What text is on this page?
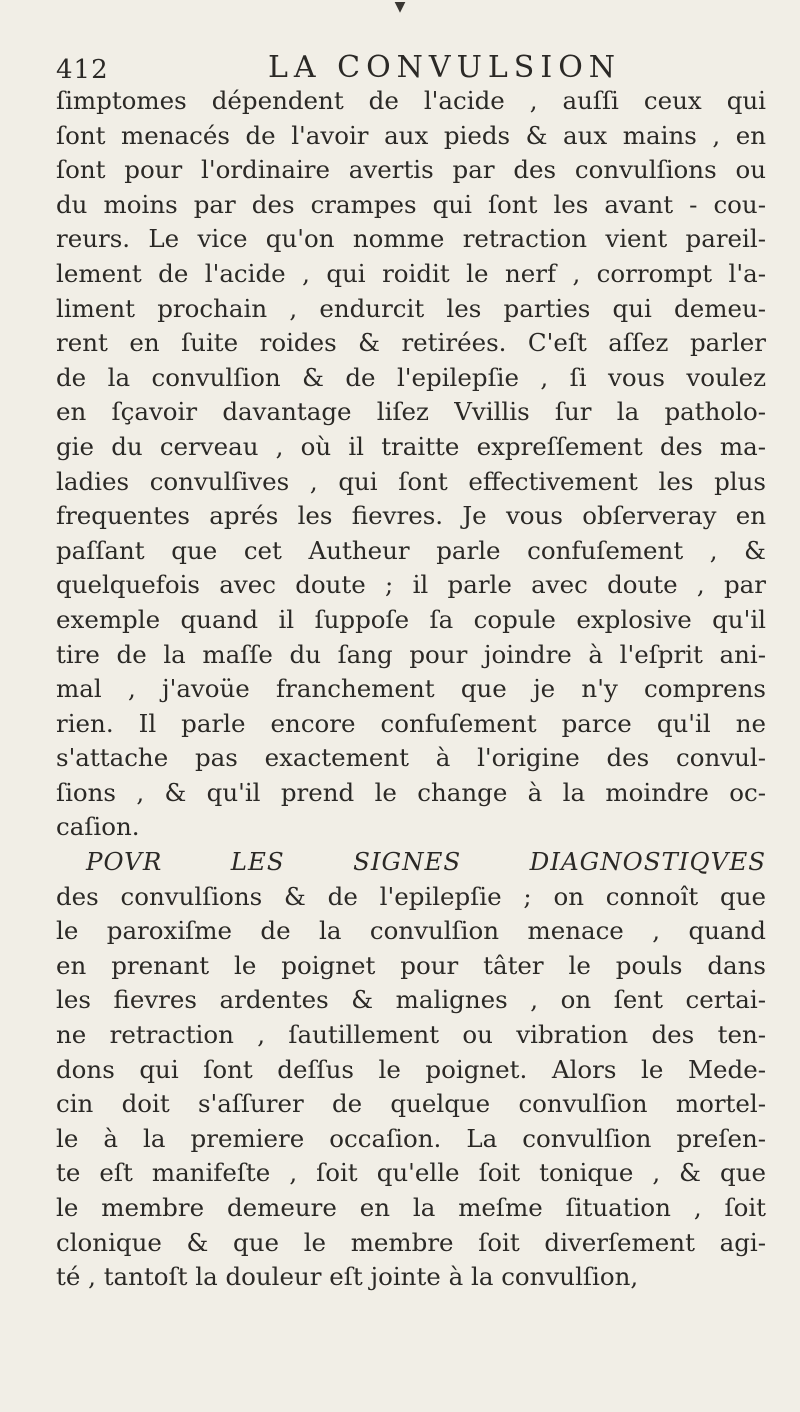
▼
412	LA CONVULSION
ſimptomes dépendent de l'acide , auſſi ceux qui
ſont menacés de l'avoir aux pieds & aux mains , en
ſont pour l'ordinaire avertis par des convulſions ou
du moins par des crampes qui ſont les avant - cou-
reurs. Le vice qu'on nomme retraction vient pareil-
lement de l'acide , qui roidit le nerf , corrompt l'a-
liment prochain , endurcit les parties qui demeu-
rent en ſuite roides & retirées. C'eſt aſſez parler
de la convulſion & de l'epilepſie , ſi vous voulez
en ſçavoir davantage liſez Vvillis ſur la patholo-
gie du cerveau , où il traitte expreſſement des ma-
ladies convulſives , qui ſont effectivement les plus
frequentes aprés les fievres. Je vous obſerveray en
paſſant que cet Autheur parle confuſement , &
quelquefois avec doute ; il parle avec doute , par
exemple quand il ſuppoſe ſa copule explosive qu'il
tire de la maſſe du ſang pour joindre à l'eſprit ani-
mal , j'avoüe franchement que je n'y comprens
rien. Il parle encore confuſement parce qu'il ne
s'attache pas exactement à l'origine des convul-
ſions , & qu'il prend le change à la moindre oc-
caſion.
POVR LES SIGNES DIAGNOSTIQVES
des convulſions & de l'epilepſie ; on connoît que
le paroxiſme de la convulſion menace , quand
en prenant le poignet pour tâter le pouls dans
les fievres ardentes & malignes , on ſent certai-
ne retraction , ſautillement ou vibration des ten-
dons qui ſont deſſus le poignet. Alors le Mede-
cin doit s'aſſurer de quelque convulſion mortel-
le à la premiere occaſion. La convulſion preſen-
te eſt manifeſte , ſoit qu'elle ſoit tonique , & que
le membre demeure en la meſme ſituation , ſoit
clonique & que le membre ſoit diverſement agi-
té , tantoſt la douleur eſt jointe à la convulſion,
